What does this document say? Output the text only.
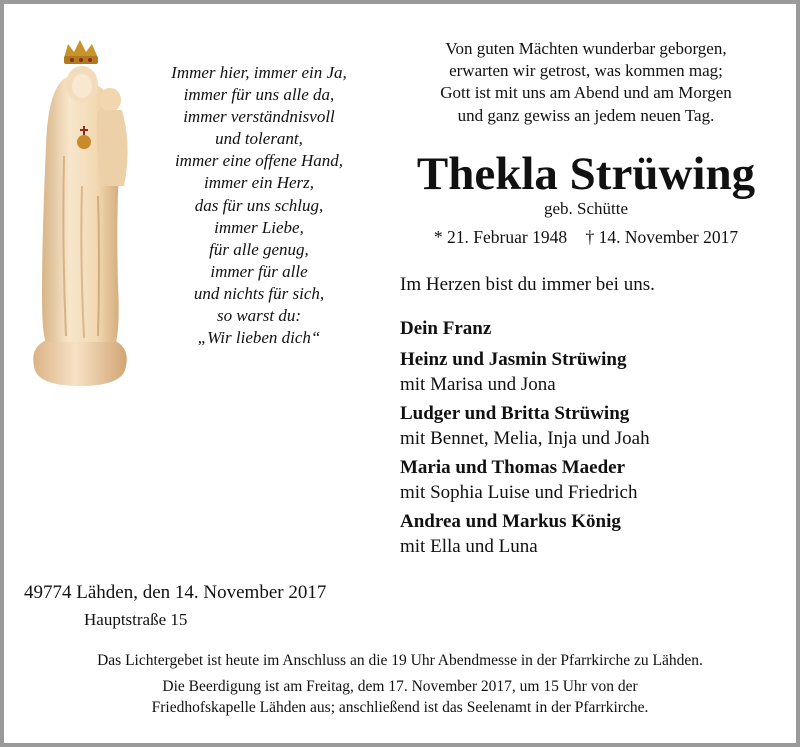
Immer hier, immer ein Ja,
immer für uns alle da,
immer verständnisvoll
und tolerant,
immer eine offene Hand,
immer ein Herz,
das für uns schlug,
immer Liebe,
für alle genug,
immer für alle
und nichts für sich,
so warst du:
„Wir lieben dich“
Von guten Mächten wunderbar geborgen,
erwarten wir getrost, was kommen mag;
Gott ist mit uns am Abend und am Morgen
und ganz gewiss an jedem neuen Tag.
Thekla Strüwing
geb. Schütte
* 21. Februar 1948 † 14. November 2017
Im Herzen bist du immer bei uns.
Dein Franz
Heinz und Jasmin Strüwing
mit Marisa und Jona
Ludger und Britta Strüwing
mit Bennet, Melia, Inja und Joah
Maria und Thomas Maeder
mit Sophia Luise und Friedrich
Andrea und Markus König
mit Ella und Luna
49774 Lähden, den 14. November 2017
Hauptstraße 15
Das Lichtergebet ist heute im Anschluss an die 19 Uhr Abendmesse in der Pfarrkirche zu Lähden.
Die Beerdigung ist am Freitag, dem 17. November 2017, um 15 Uhr von der
Friedhofskapelle Lähden aus; anschließend ist das Seelenamt in der Pfarrkirche.
